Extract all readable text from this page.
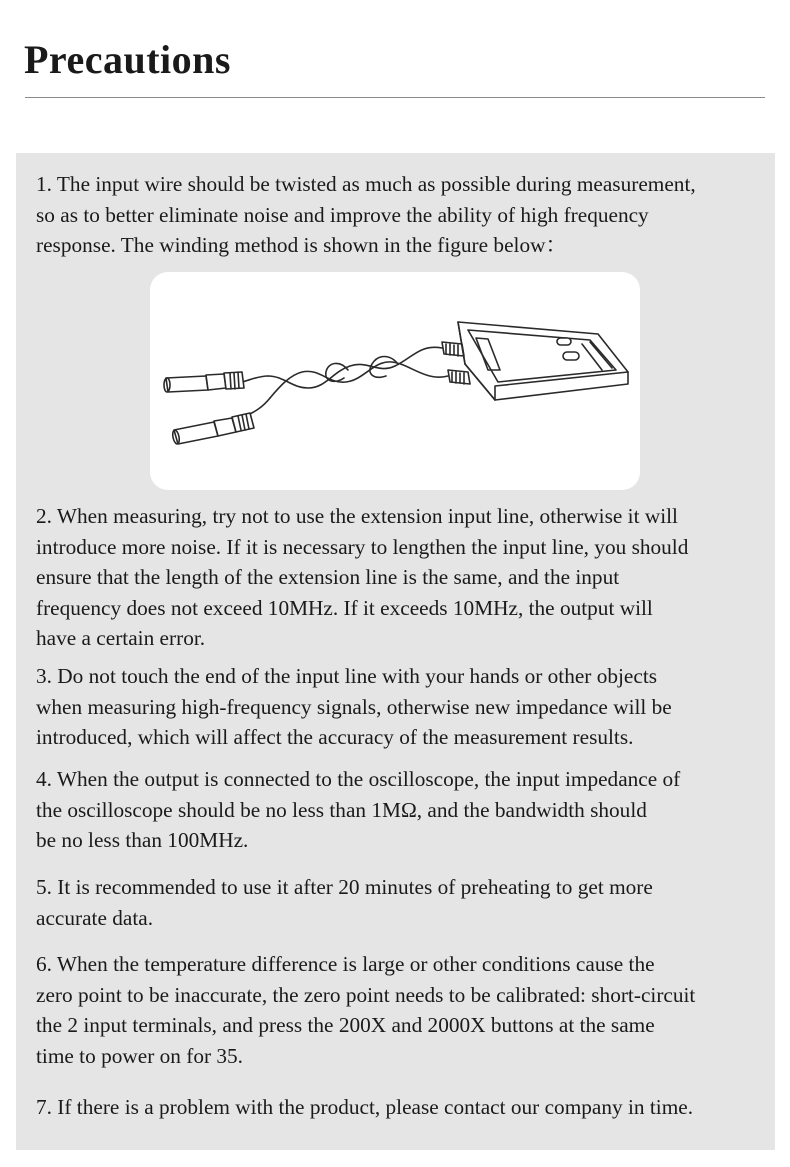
Precautions

1. The input wire should be twisted as much as possible during measurement,
so as to better eliminate noise and improve the ability of high frequency
response. The winding method is shown in the figure below：

2. When measuring, try not to use the extension input line, otherwise it will
introduce more noise. If it is necessary to lengthen the input line, you should
ensure that the length of the extension line is the same, and the input
frequency does not exceed 10MHz. If it exceeds 10MHz, the output will
have a certain error.

3. Do not touch the end of the input line with your hands or other objects
when measuring high-frequency signals, otherwise new impedance will be
introduced, which will affect the accuracy of the measurement results.

4. When the output is connected to the oscilloscope, the input impedance of
the oscilloscope should be no less than 1MΩ, and the bandwidth should
be no less than 100MHz.

5. It is recommended to use it after 20 minutes of preheating to get more
accurate data.

6. When the temperature difference is large or other conditions cause the
zero point to be inaccurate, the zero point needs to be calibrated: short-circuit
the 2 input terminals, and press the 200X and 2000X buttons at the same
time to power on for 35.

7. If there is a problem with the product, please contact our company in time.
